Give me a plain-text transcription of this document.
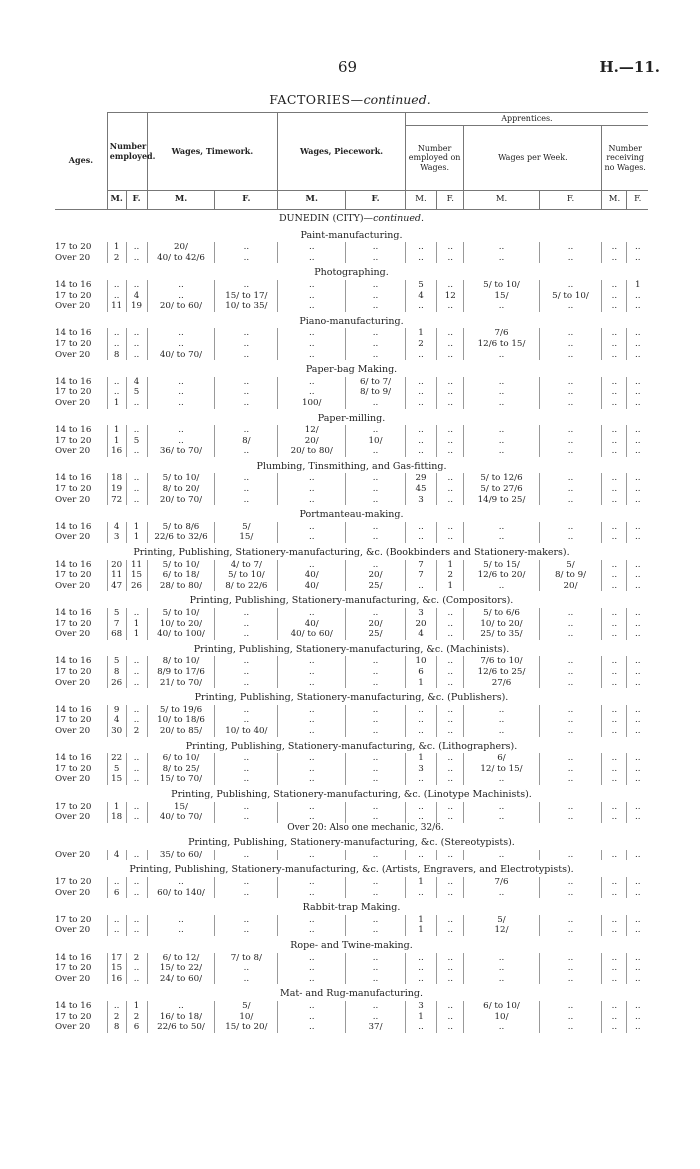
69	H.—11.
FACTORIES—continued.
Ages.	Number employed.		Wages, Timework.		Wages, Piecework.		Apprentices.					
							Number employed on Wages.		Wages per Week.		Number receiving no Wages.	
	M.	F.	M.	F.	M.	F.	M.	F.	M.	F.	M.	F.
DUNEDIN (CITY)—continued.												
Paint-manufacturing.												
17 to 20	1	..	20/	..	..	..	..	..	..	..	..	..
Over 20	2	..	40/ to 42/6	..	..	..	..	..	..	..	..	..
Photographing.												
14 to 16	..	..	..	..	..	..	5	..	5/ to 10/	..	..	1
17 to 20	..	4	..	15/ to 17/	..	..	4	12	15/	5/ to 10/	..	..
Over 20	11	19	20/ to 60/	10/ to 35/	..	..	..	..	..	..	..	..
Piano-manufacturing.												
14 to 16	..	..	..	..	..	..	1	..	7/6	..	..	..
17 to 20	..	..	..	..	..	..	2	..	12/6 to 15/	..	..	..
Over 20	8	..	40/ to 70/	..	..	..	..	..	..	..	..	..
Paper-bag Making.												
14 to 16	..	4	..	..	..	6/ to 7/	..	..	..	..	..	..
17 to 20	..	5	..	..	..	8/ to 9/	..	..	..	..	..	..
Over 20	1	..	..	..	100/	..	..	..	..	..	..	..
Paper-milling.												
14 to 16	1	..	..	..	12/	..	..	..	..	..	..	..
17 to 20	1	5	..	8/	20/	10/	..	..	..	..	..	..
Over 20	16	..	36/ to 70/	..	20/ to 80/	..	..	..	..	..	..	..
Plumbing, Tinsmithing, and Gas-fitting.												
14 to 16	18	..	5/ to 10/	..	..	..	29	..	5/ to 12/6	..	..	..
17 to 20	19	..	8/ to 20/	..	..	..	45	..	5/ to 27/6	..	..	..
Over 20	72	..	20/ to 70/	..	..	..	3	..	14/9 to 25/	..	..	..
Portmanteau-making.												
14 to 16	4	1	5/ to 8/6	5/	..	..	..	..	..	..	..	..
Over 20	3	1	22/6 to 32/6	15/	..	..	..	..	..	..	..	..
Printing, Publishing, Stationery-manufacturing, &c. (Bookbinders and Stationery-makers).												
14 to 16	20	11	5/ to 10/	4/ to 7/	..	..	7	1	5/ to 15/	5/	..	..
17 to 20	11	15	6/ to 18/	5/ to 10/	40/	20/	7	2	12/6 to 20/	8/ to 9/	..	..
Over 20	47	26	28/ to 80/	8/ to 22/6	40/	25/	..	1	..	20/	..	..
Printing, Publishing, Stationery-manufacturing, &c. (Compositors).												
14 to 16	5	..	5/ to 10/	..	..	..	3	..	5/ to 6/6	..	..	..
17 to 20	7	1	10/ to 20/	..	40/	20/	20	..	10/ to 20/	..	..	..
Over 20	68	1	40/ to 100/	..	40/ to 60/	25/	4	..	25/ to 35/	..	..	..
Printing, Publishing, Stationery-manufacturing, &c. (Machinists).												
14 to 16	5	..	8/ to 10/	..	..	..	10	..	7/6 to 10/	..	..	..
17 to 20	8	..	8/9 to 17/6	..	..	..	6	..	12/6 to 25/	..	..	..
Over 20	26	..	21/ to 70/	..	..	..	1	..	27/6	..	..	..
Printing, Publishing, Stationery-manufacturing, &c. (Publishers).												
14 to 16	9	..	5/ to 19/6	..	..	..	..	..	..	..	..	..
17 to 20	4	..	10/ to 18/6	..	..	..	..	..	..	..	..	..
Over 20	30	2	20/ to 85/	10/ to 40/	..	..	..	..	..	..	..	..
Printing, Publishing, Stationery-manufacturing, &c. (Lithographers).												
14 to 16	22	..	6/ to 10/	..	..	..	1	..	6/	..	..	..
17 to 20	5	..	8/ to 25/	..	..	..	3	..	12/ to 15/	..	..	..
Over 20	15	..	15/ to 70/	..	..	..	..	..	..	..	..	..
Printing, Publishing, Stationery-manufacturing, &c. (Linotype Machinists).												
17 to 20	1	..	15/	..	..	..	..	..	..	..	..	..
Over 20	18	..	40/ to 70/	..	..	..	..	..	..	..	..	..
Over 20: Also one mechanic, 32/6.												
Printing, Publishing, Stationery-manufacturing, &c. (Stereotypists).												
Over 20	4	..	35/ to 60/	..	..	..	..	..	..	..	..	..
Printing, Publishing, Stationery-manufacturing, &c. (Artists, Engravers, and Electrotypists).												
17 to 20	..	..	..	..	..	..	1	..	7/6	..	..	..
Over 20	6	..	60/ to 140/	..	..	..	..	..	..	..	..	..
Rabbit-trap Making.												
17 to 20	..	..	..	..	..	..	1	..	5/	..	..	..
Over 20	..	..	..	..	..	..	1	..	12/	..	..	..
Rope- and Twine-making.												
14 to 16	17	2	6/ to 12/	7/ to 8/	..	..	..	..	..	..	..	..
17 to 20	15	..	15/ to 22/	..	..	..	..	..	..	..	..	..
Over 20	16	..	24/ to 60/	..	..	..	..	..	..	..	..	..
Mat- and Rug-manufacturing.												
14 to 16	..	1	..	5/	..	..	3	..	6/ to 10/	..	..	..
17 to 20	2	2	16/ to 18/	10/	..	..	1	..	10/	..	..	..
Over 20	8	6	22/6 to 50/	15/ to 20/	..	37/	..	..	..	..	..	..
